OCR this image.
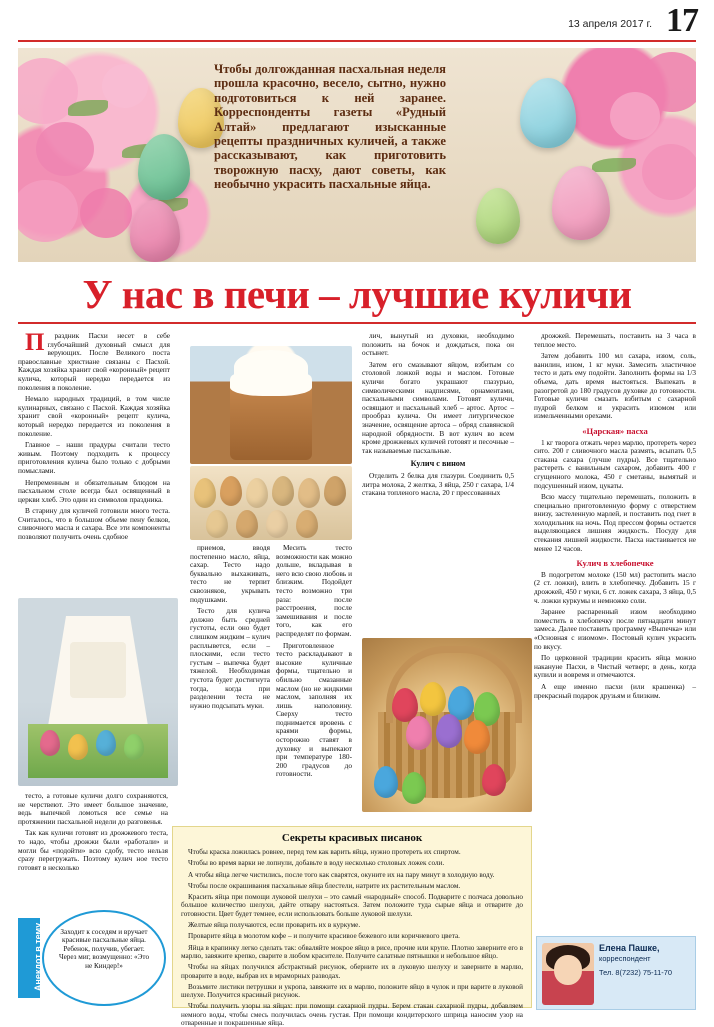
17
13 апреля 2017 г.
Чтобы долгожданная пасхальная неделя прошла красочно, весело, сытно, нужно подготовиться к ней заранее. Корреспонденты газеты «Рудный Алтай» предлагают изысканные рецепты праздничных куличей, а также рассказывают, как приготовить творожную пасху, дают советы, как необычно украсить пасхальные яйца.
У нас в печи – лучшие куличи

П раздник Пасхи несет в себе глубочайший духовный смысл для верующих. После Великого поста православные христиане связаны с Пасхой. Каждая хозяйка хранит свой «коронный» рецепт кулича, который нередко передается из поколения в поколение.

Немало народных традиций, в том числе кулинарных, связано с Пасхой. Каждая хозяйка хранит свой «коронный» рецепт кулича, который нередко передается из поколения в поколение.

Главное – наши прадуры считали тесто живым. Поэтому подходить к процессу приготовления кулича было только с добрыми помыслами.

Непременным и обязательным блюдом на пасхальном столе всегда был освященный в церкви хлеб. Это один из символов праздника.

В старину для куличей готовили много теста. Считалось, что в большом объеме пену белков, сливочного масла и сахара. Все эти компоненты позволяют получить очень сдобное

приемов, вводя постепенно масло, яйца, сахар. Тесто надо буквально выхаживать, тесто не терпит сквозняков, укрывать подушками.

Тесто для кулича должно быть средней густоты, если оно будет слишком жидким – кулич расплывется, если – плоскими, если тесто густым – выпечка будет тяжелой. Необходимая густота будет достигнута тогда, когда при разделении теста не нужно подсыпать муки.

Месить тесто возможности как можно дольше, вкладывая в него всю свою любовь и близким. Подойдет тесто возможно три раза: после расстроения, после замешивания и после того, как его распределят по формам.

Приготовленное тесто раскладывают в высокие куличные формы, тщательно и обильно смазанные маслом (но не жидкими маслом, заполняя их лишь наполовину. Сверху тесто поднимается вровень с краями формы, осторожно ставят в духовку и выпекают при температуре 180-200 градусов до готовности.

лич, вынутый из духовки, необходимо положить на бочок и дождаться, пока он остынет.

Затем его смазывают яйцом, взбитым со столовой ложкой воды и маслом. Готовые куличи богато украшают глазурью, символическими надписями, орнаментами, пасхальными символами. Готовят куличи, освящают и пасхальный хлеб – артос. Артос – прообраз кулича. Он имеет литургическое значение, освящение артоса – обряд славянской народной обрядности. В вот кулич во всем кроме дрожжевых куличей готовят и песочные – так называемые пасхальные.

Кулич с вином

Отделить 2 белка для глазури. Соединить 0,5 литра молока, 2 желтка, 3 яйца, 250 г сахара, 1/4 стакана топленого масла, 20 г прессованных

дрожжей. Перемешать, поставить на 3 часа в теплое место.

Затем добавить 100 мл сахара, изюм, соль, ванилин, изюм, 1 кг муки. Замесить эластичное тесто и дать ему подойти. Заполнить формы на 1/3 объема, дать время выстояться. Выпекать в разогретой до 180 градусов духовке до готовности. Готовые куличи смазать взбитым с сахарной пудрой белком и украсить изюмом или измельченными орехами.

«Царская» пасха

1 кг творога отжать через марлю, протереть через сито. 200 г сливочного масла размять, всыпать 0,5 стакана сахара (лучше пудры). Все тщательно растереть с ванильным сахаром, добавить 400 г сгущенного молока, 450 г сметаны, вымятый и подсушенный изюм, цукаты.

Всю массу тщательно перемешать, положить в специально приготовленную форму с отверстием внизу, застеленную марлей, и поставить под гнет в холодильник на ночь. Под прессом формы остается выделяющаяся лишняя жидкость. Посуду для стекания лишней жидкости. Пасха настаивается не менее 12 часов.

Кулич в хлебопечке

В подогретом молоке (150 мл) растопить масло (2 ст. ложки), влить в хлебопечку. Добавить 15 г дрожжей, 450 г муки, 6 ст. ложек сахара, 3 яйца, 0,5 ч. ложки куркумы и немножко соли.

Заранее распаренный изюм необходимо поместить в хлебопечку после пятнадцати минут замеса. Далее поставить программу «Выпечка» или «Основная с изюмом». Постовый кулич украсить по вкусу.

По церковной традиции красить яйца можно накануне Пасхи, в Чистый четверг, в день, когда купили и вовремя и отмечаются.

А еще именно пасхи (или крашенка) – прекрасный подарок друзьям и близким.

тесто, а готовые куличи долго сохраняются, не черствеют. Это имеет большое значение, ведь выпечкой ломоться все семье на протяжении пасхальной недели до разговенья.

Так как куличи готовят из дрожжевого теста, то надо, чтобы дрожжи были «работали» и могли бы «подойти» всю сдобу, тесто нельзя сразу перегружать. Поэтому кулич ное тесто готовят в несколько

Секреты красивых писанок

Чтобы краска ложилась ровнее, перед тем как варить яйца, нужно протереть их спиртом.

Чтобы во время варки не лопнули, добавьте в воду несколько столовых ложек соли.

А чтобы яйца легче чистились, после того как сварятся, окуните их на пару минут в холодную воду.

Чтобы после окрашивания пасхальные яйца блестели, натрите их растительным маслом.

Красить яйца при помощи луковой шелухи – это самый «народный» способ. Подварите с полчаса довольно большое количество шелухи, дайте отвару настояться. Затем положите туда сырые яйца и отварите до готовности. Цвет будет темнее, если использовать больше луковой шелухи.

Желтые яйца получаются, если проварить их в куркуме.

Проварите яйца в молотом кофе – и получите красивое бежевого или коричневого цвета.

Яйца в крапинку легко сделать так: обваляйте мокрое яйцо в рисе, прочие или крупе. Плотно заверните его в марлю, завяжите крепко, сварите в любом красителе. Получите салатные пятнышки и небольшое яйцо.

Чтобы на яйцах получился абстрактный рисунок, оберните их в луковую шелуху и заверните в марлю, проварите в воде, выбрав их в мраморных разводах.

Возьмите листики петрушки и укропа, завяжите их в марлю, положите яйцо в чулок и при варите в луковой шелухе. Получится красивый рисунок.

Чтобы получить узоры на яйцах: при помощи сахарной пудры. Берем стакан сахарной пудры, добавляем немного воды, чтобы смесь получилась очень густая. При помощи кондитерского шприца наносим узор на отваренные и покрашенные яйца.

Анекдот в тему	Заходит к соседям и вручает красивые пасхальные яйца. Ребенок, получив, убегает. Через миг, возмущенно: «Это не Киндер!»
Елена Пашке,
корреспондент
Тел. 8(7232) 75-11-70
